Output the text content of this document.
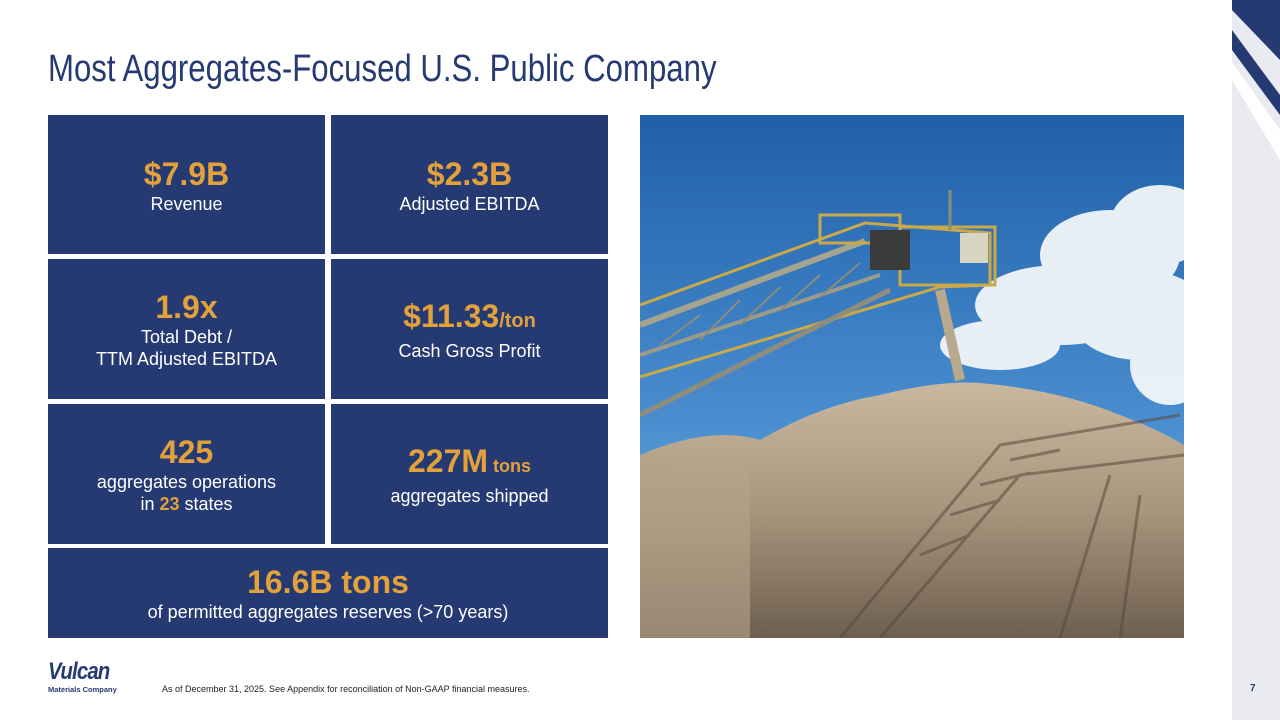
Most Aggregates-Focused U.S. Public Company
$7.9B
Revenue
$2.3B
Adjusted EBITDA
1.9x
Total Debt /
TTM Adjusted EBITDA
$11.33/ton
Cash Gross Profit
425
aggregates operations
in 23 states
227M tons
aggregates shipped
16.6B tons
of permitted aggregates reserves (>70 years)
Vulcan
Materials Company	As of December 31, 2025. See Appendix for reconciliation of Non-GAAP financial measures.	7
